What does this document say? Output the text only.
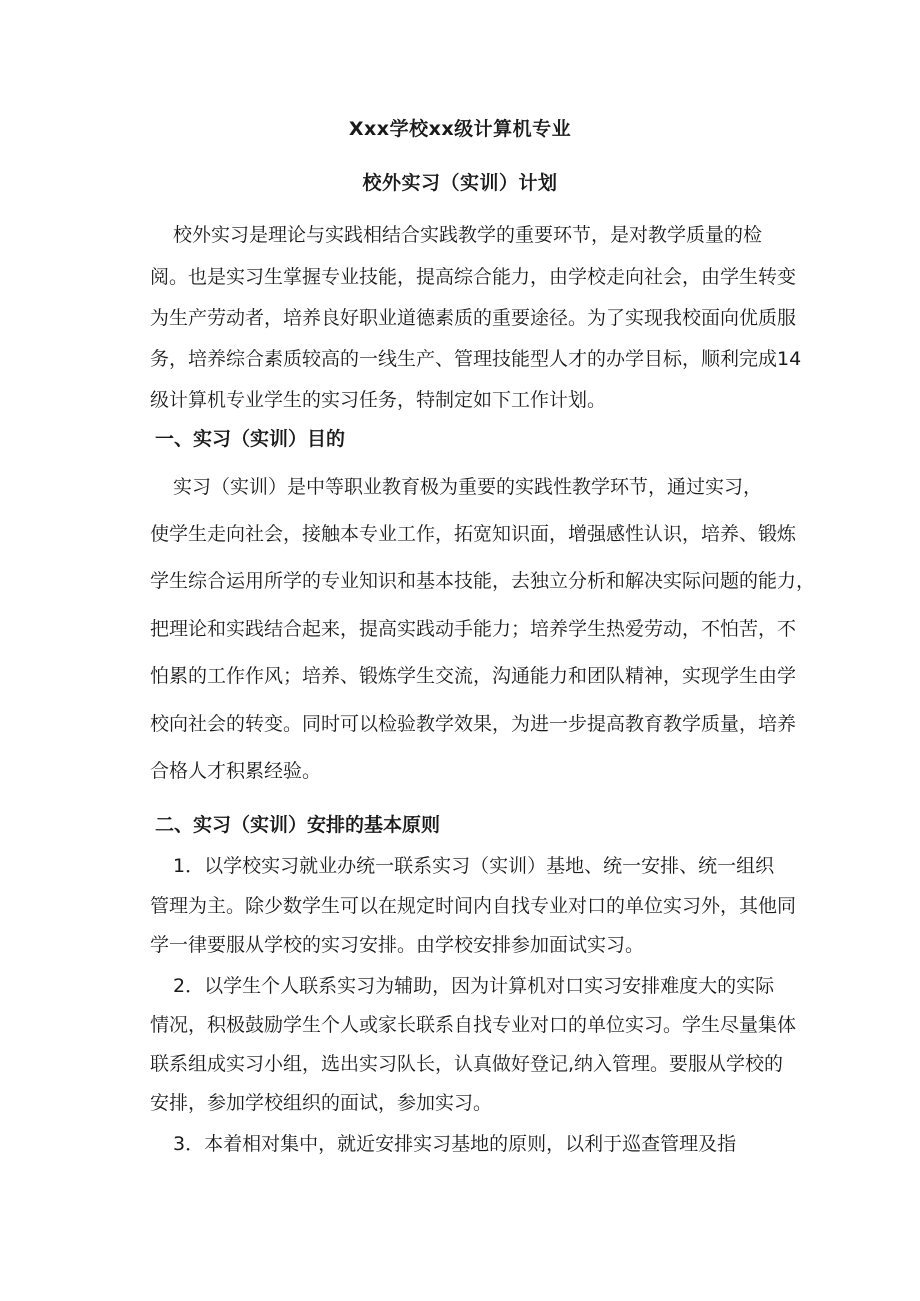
Xxx学校xx级计算机专业
校外实习（实训）计划
校外实习是理论与实践相结合实践教学的重要环节，是对教学质量的检
阅。也是实习生掌握专业技能，提高综合能力，由学校走向社会，由学生转变
为生产劳动者，培养良好职业道德素质的重要途径。为了实现我校面向优质服
务，培养综合素质较高的一线生产、管理技能型人才的办学目标，顺利完成14
级计算机专业学生的实习任务，特制定如下工作计划。
一、实习（实训）目的
实习（实训）是中等职业教育极为重要的实践性教学环节，通过实习，
使学生走向社会，接触本专业工作，拓宽知识面，增强感性认识，培养、锻炼
学生综合运用所学的专业知识和基本技能，去独立分析和解决实际问题的能力，
把理论和实践结合起来，提高实践动手能力；培养学生热爱劳动，不怕苦，不
怕累的工作作风；培养、锻炼学生交流，沟通能力和团队精神，实现学生由学
校向社会的转变。同时可以检验教学效果，为进一步提高教育教学质量，培养
合格人才积累经验。
二、实习（实训）安排的基本原则
1．以学校实习就业办统一联系实习（实训）基地、统一安排、统一组织
管理为主。除少数学生可以在规定时间内自找专业对口的单位实习外，其他同
学一律要服从学校的实习安排。由学校安排参加面试实习。
2．以学生个人联系实习为辅助，因为计算机对口实习安排难度大的实际
情况，积极鼓励学生个人或家长联系自找专业对口的单位实习。学生尽量集体
联系组成实习小组，选出实习队长，认真做好登记,纳入管理。要服从学校的
安排，参加学校组织的面试，参加实习。
3．本着相对集中，就近安排实习基地的原则，以利于巡查管理及指
